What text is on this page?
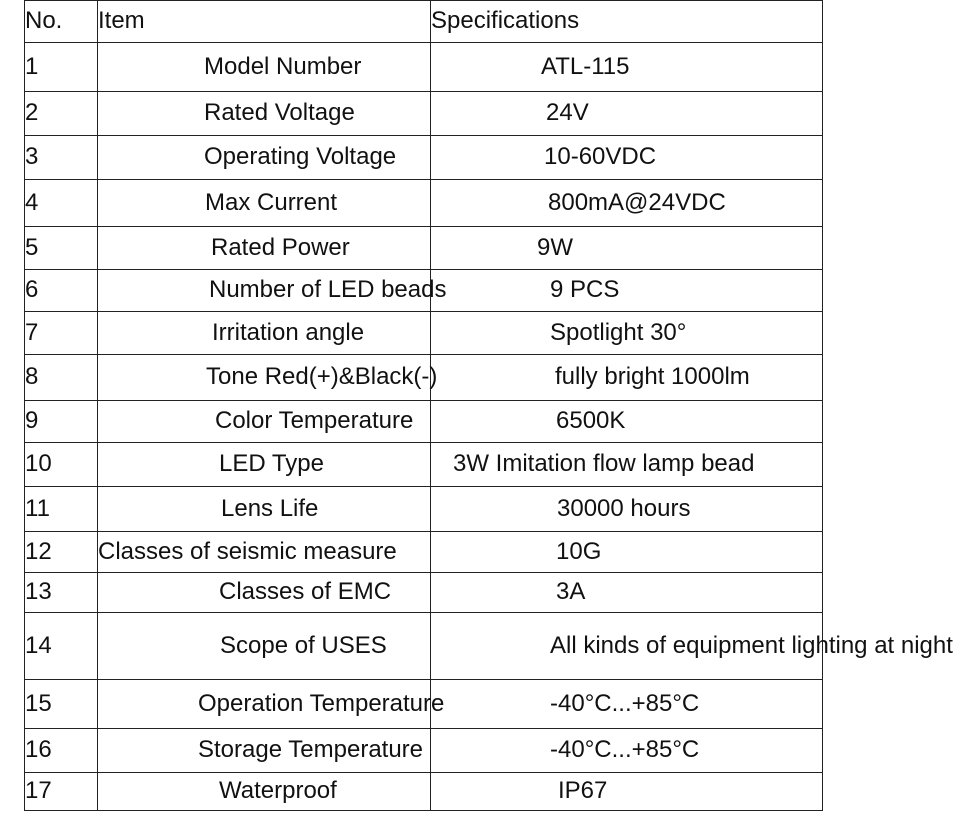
No.	Item	Specifications
1	Model Number	ATL-115
2	Rated Voltage	24V
3	Operating Voltage	10-60VDC
4	Max Current	800mA@24VDC
5	Rated Power	9W
6	Number of LED beads	9 PCS
7	Irritation angle	Spotlight 30°
8	Tone Red(+)&Black(-)	fully bright 1000lm
9	Color Temperature	6500K
10	LED Type	3W Imitation flow lamp bead
11	Lens Life	30000 hours
12	Classes of seismic measure	10G
13	Classes of EMC	3A
14	Scope of USES	All kinds of equipment lighting at night
15	Operation Temperature	-40°C...+85°C
16	Storage Temperature	-40°C...+85°C
17	Waterproof	IP67
